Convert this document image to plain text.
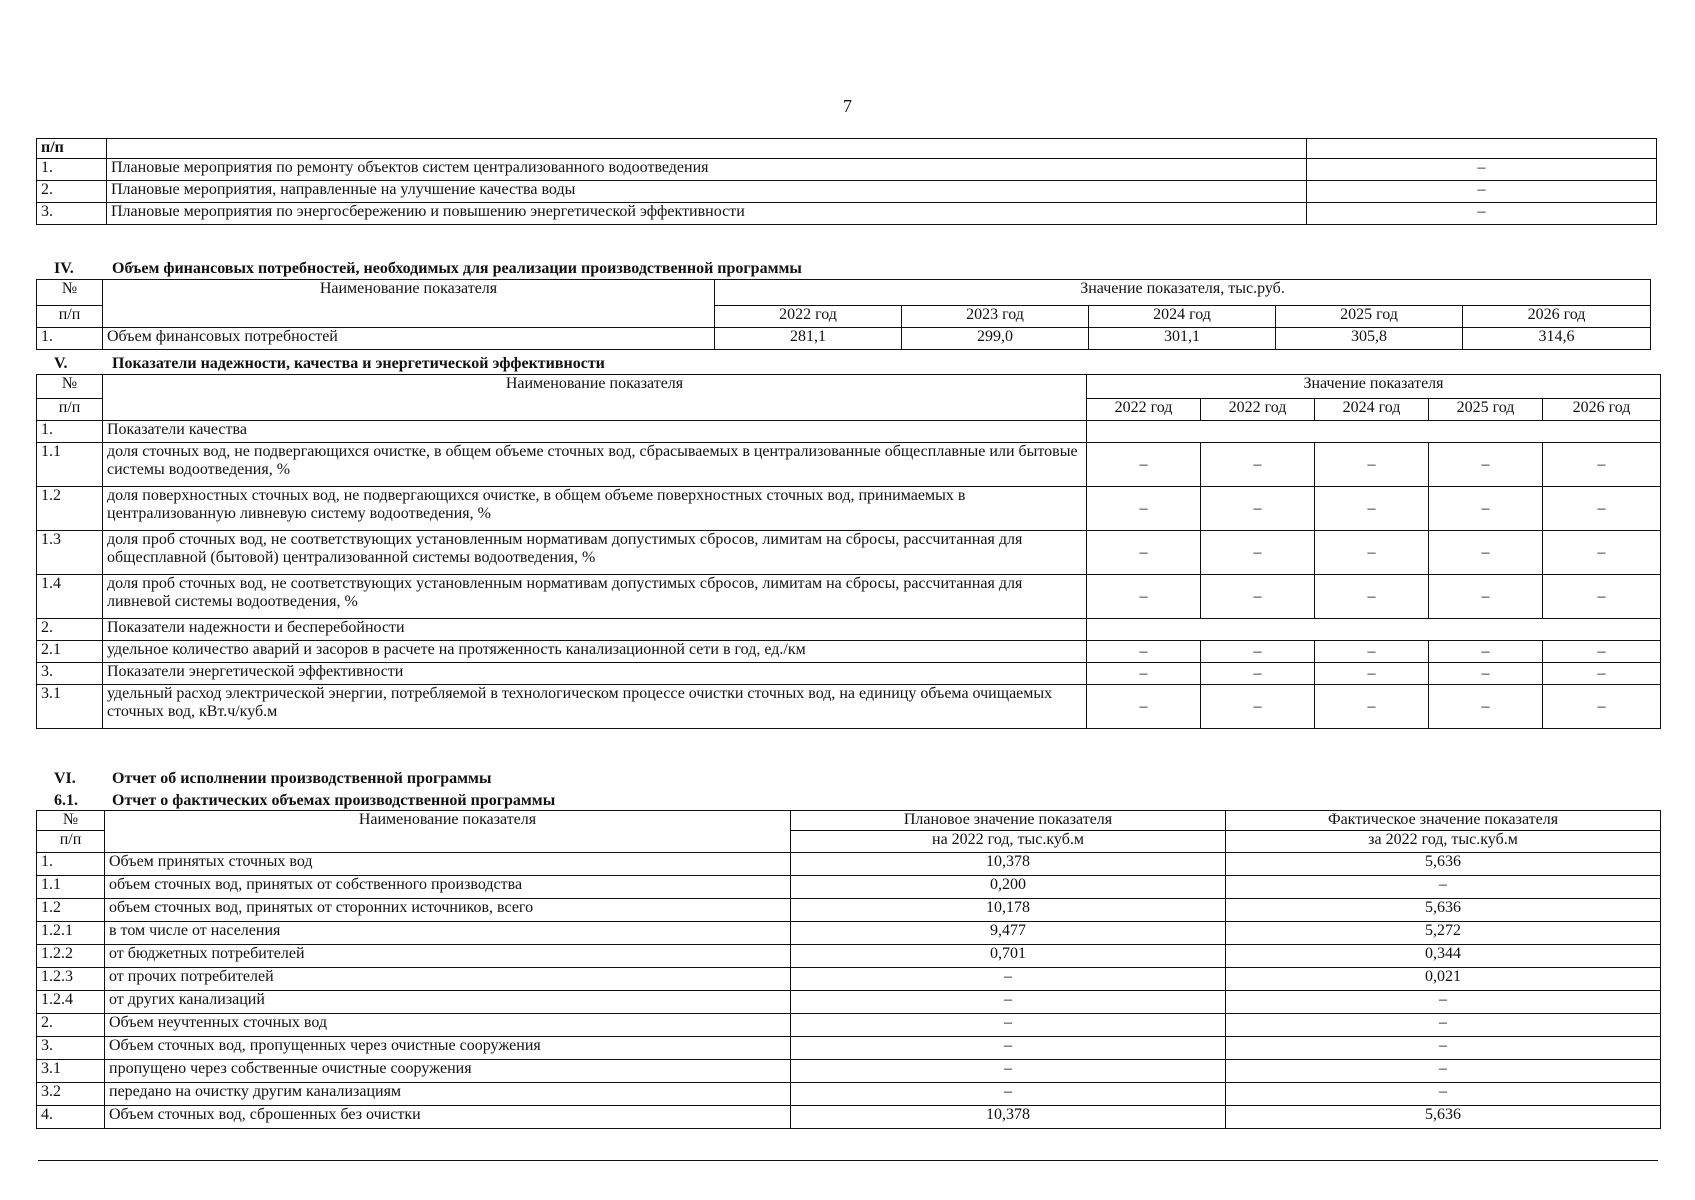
7
п/п		
1.	Плановые мероприятия по ремонту объектов систем централизованного водоотведения	–
2.	Плановые мероприятия, направленные на улучшение качества воды	–
3.	Плановые мероприятия по энергосбережению и повышению энергетической эффективности	–
IV. Объем финансовых потребностей, необходимых для реализации производственной программы
№	Наименование показателя	Значение показателя, тыс.руб.				
п/п		2022 год	2023 год	2024 год	2025 год	2026 год
1.	Объем финансовых потребностей	281,1	299,0	301,1	305,8	314,6
V.	Показатели надежности, качества и энергетической эффективности
№	Наименование показателя	Значение показателя				
п/п		2022 год	2022 год	2024 год	2025 год	2026 год
1.	Показатели качества					
1.1	доля сточных вод, не подвергающихся очистке, в общем объеме сточных вод, сбрасываемых в централизованные общесплавные или бытовые системы водоотведения, %	–	–	–	–	–
1.2	доля поверхностных сточных вод, не подвергающихся очистке, в общем объеме поверхностных сточных вод, принимаемых в централизованную ливневую систему водоотведения, %	–	–	–	–	–
1.3	доля проб сточных вод, не соответствующих установленным нормативам допустимых сбросов, лимитам на сбросы, рассчитанная для общесплавной (бытовой) централизованной системы водоотведения, %	–	–	–	–	–
1.4	доля проб сточных вод, не соответствующих установленным нормативам допустимых сбросов, лимитам на сбросы, рассчитанная для ливневой системы водоотведения, %	–	–	–	–	–
2.	Показатели надежности и бесперебойности					
2.1	удельное количество аварий и засоров в расчете на протяженность канализационной сети в год, ед./км	–	–	–	–	–
3.	Показатели энергетической эффективности	–	–	–	–	–
3.1	удельный расход электрической энергии, потребляемой в технологическом процессе очистки сточных вод, на единицу объема очищаемых сточных вод, кВт.ч/куб.м	–	–	–	–	–
VI. Отчет об исполнении производственной программы
6.1. Отчет о фактических объемах производственной программы
№	Наименование показателя	Плановое значение показателя	Фактическое значение показателя
п/п		на 2022 год, тыс.куб.м	за 2022 год, тыс.куб.м
1.	Объем принятых сточных вод	10,378	5,636
1.1	объем сточных вод, принятых от собственного производства	0,200	–
1.2	объем сточных вод, принятых от сторонних источников, всего	10,178	5,636
1.2.1	в том числе от населения	9,477	5,272
1.2.2	от бюджетных потребителей	0,701	0,344
1.2.3	от прочих потребителей	–	0,021
1.2.4	от других канализаций	–	–
2.	Объем неучтенных сточных вод	–	–
3.	Объем сточных вод, пропущенных через очистные сооружения	–	–
3.1	пропущено через собственные очистные сооружения	–	–
3.2	передано на очистку другим канализациям	–	–
4.	Объем сточных вод, сброшенных без очистки	10,378	5,636
